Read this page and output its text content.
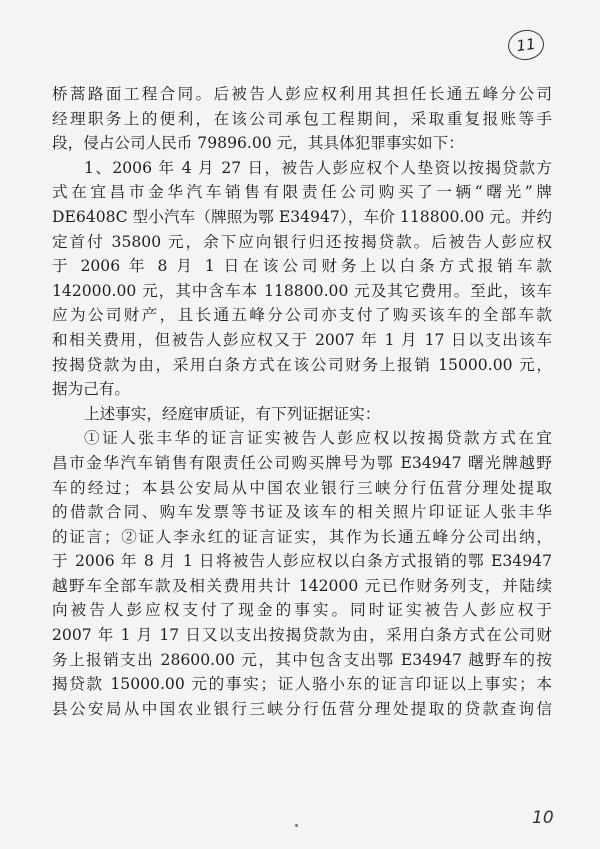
11
桥蒿路面工程合同。后被告人彭应权利用其担任长通五峰分公司
经理职务上的便利，在该公司承包工程期间，采取重复报账等手
段，侵占公司人民币 79896.00 元，其具体犯罪事实如下：
1、2006 年 4 月 27 日，被告人彭应权个人垫资以按揭贷款方
式在宜昌市金华汽车销售有限责任公司购买了一辆“曙光”牌
DE6408C 型小汽车（牌照为鄂 E34947），车价 118800.00 元。并约
定首付 35800 元，余下应向银行归还按揭贷款。后被告人彭应权
于 2006 年 8 月 1 日在该公司财务上以白条方式报销车款
142000.00 元，其中含车本 118800.00 元及其它费用。至此，该车
应为公司财产，且长通五峰分公司亦支付了购买该车的全部车款
和相关费用，但被告人彭应权又于 2007 年 1 月 17 日以支出该车
按揭贷款为由，采用白条方式在该公司财务上报销 15000.00 元，
据为己有。
上述事实，经庭审质证，有下列证据证实：
①证人张丰华的证言证实被告人彭应权以按揭贷款方式在宜
昌市金华汽车销售有限责任公司购买牌号为鄂 E34947 曙光牌越野
车的经过；本县公安局从中国农业银行三峡分行伍营分理处提取
的借款合同、购车发票等书证及该车的相关照片印证证人张丰华
的证言；②证人李永红的证言证实，其作为长通五峰分公司出纳，
于 2006 年 8 月 1 日将被告人彭应权以白条方式报销的鄂 E34947
越野车全部车款及相关费用共计 142000 元已作财务列支，并陆续
向被告人彭应权支付了现金的事实。同时证实被告人彭应权于
2007 年 1 月 17 日又以支出按揭贷款为由，采用白条方式在公司财
务上报销支出 28600.00 元，其中包含支出鄂 E34947 越野车的按
揭贷款 15000.00 元的事实；证人骆小东的证言印证以上事实；本
县公安局从中国农业银行三峡分行伍营分理处提取的贷款查询信
10
